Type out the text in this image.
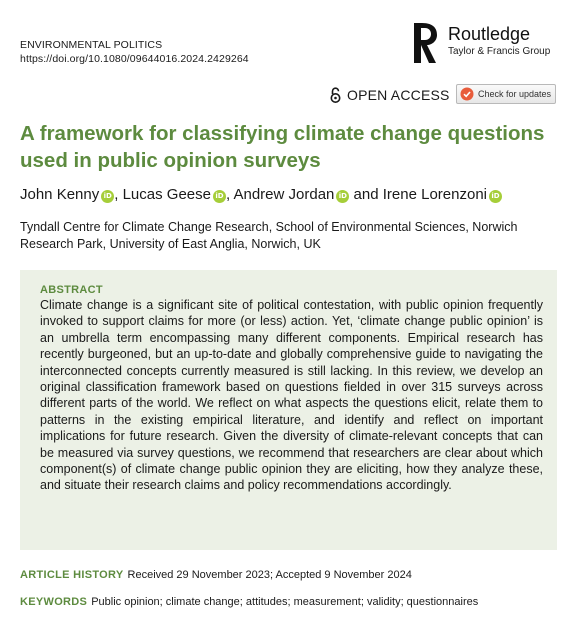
ENVIRONMENTAL POLITICS
https://doi.org/10.1080/09644016.2024.2429264	ROUTLEDGE
Routledge
Taylor & Francis Group
OPEN ACCESS	Check for updates
A framework for classifying climate change questions used in public opinion surveys
John Kenny iD , Lucas Geese iD , Andrew Jordan iD and Irene Lorenzoni iD
Tyndall Centre for Climate Change Research, School of Environmental Sciences, Norwich Research Park, University of East Anglia, Norwich, UK
ABSTRACT
Climate change is a significant site of political contestation, with public opinion frequently invoked to support claims for more (or less) action. Yet, ‘climate change public opinion’ is an umbrella term encompassing many different components. Empirical research has recently burgeoned, but an up-to-date and globally comprehensive guide to navigating the interconnected concepts currently measured is still lacking. In this review, we develop an original classification framework based on questions fielded in over 315 surveys across different parts of the world. We reflect on what aspects the questions elicit, relate them to patterns in the existing empirical literature, and identify and reflect on important implications for future research. Given the diversity of climate-relevant concepts that can be measured via survey questions, we recommend that researchers are clear about which component(s) of climate change public opinion they are eliciting, how they analyze these, and situate their research claims and policy recommendations accordingly.
ARTICLE HISTORY Received 29 November 2023; Accepted 9 November 2024
KEYWORDS Public opinion; climate change; attitudes; measurement; validity; questionnaires
